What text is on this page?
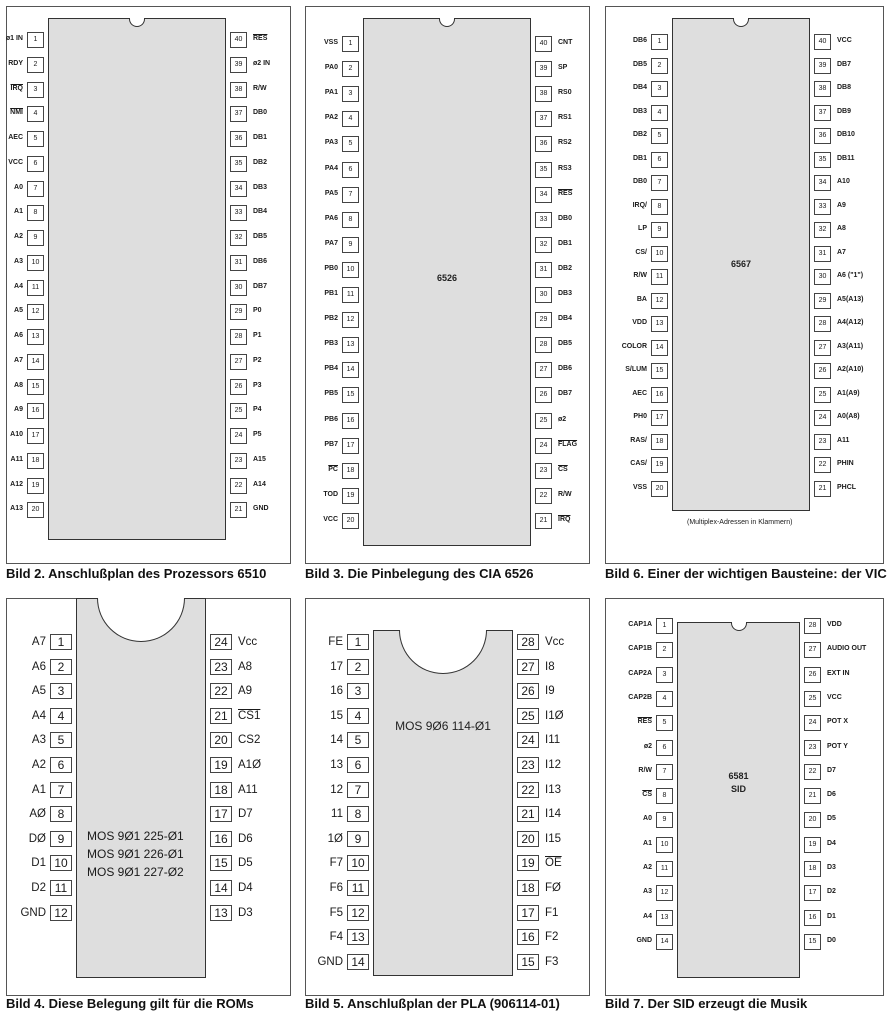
1
ø1 IN
2
RDY
3
$\overline{IRQ}$
4
$\overline{NMI}$
5
AEC
6
VCC
7
A0
8
A1
9
A2
10
A3
11
A4
12
A5
13
A6
14
A7
15
A8
16
A9
17
A10
18
A11
19
A12
20
A13
40	$\overline{RES}$
39	ø2 IN
38	R/W
37	DB0
36	DB1
35	DB2
34	DB3
33	DB4
32	DB5
31	DB6
30	DB7
29	P0
28	P1
27	P2
26	P3
25	P4
24	P5
23	A15
22	A14
21	GND
Bild 2. Anschlußplan des Prozessors 6510
6526
1
VSS
2
PA0
3
PA1
4
PA2
5
PA3
6
PA4
7
PA5
8
PA6
9
PA7
10
PB0
11
PB1
12
PB2
13
PB3
14
PB4
15
PB5
16
PB6
17
PB7
18
$\overline{PC}$
19
TOD
20
VCC
40	CNT
39	SP
38	RS0
37	RS1
36	RS2
35	RS3
34	$\overline{RES}$
33	DB0
32	DB1
31	DB2
30	DB3
29	DB4
28	DB5
27	DB6
26	DB7
25	ø2
24	FLAG
23	$\overline{CS}$
22	R/W
21	$\overline{IRQ}$
Bild 3. Die Pinbelegung des CIA 6526
6567
1
DB6
2
DB5
3
DB4
4
DB3
5
DB2
6
DB1
7
DB0
8
IRQ/
9
LP
10
CS/
11
R/W
12
BA
13
VDD
14
COLOR
15
S/LUM
16
AEC
17
PH0
18
RAS/
19
CAS/
20
VSS
40	VCC
39	DB7
38	DB8
37	DB9
36	DB10
35	DB11
34	A10
33	A9
32	A8
31	A7
30	A6 ("1")
29	A5(A13)
28	A4(A12)
27	A3(A11)
26	A2(A10)
25	A1(A9)
24	A0(A8)
23	A11
22	PHIN
21	PHCL
(Multiplex-Adressen in Klammern)
Bild 6. Einer der wichtigen Bausteine: der VIC
MOS 9Ø1 225-Ø1
MOS 9Ø1 226-Ø1
MOS 9Ø1 227-Ø2
1
A7
2
A6
3
A5
4
A4
5
A3
6
A2
7
A1
8
AØ
9
DØ
10
D1
11
D2
12
GND
24 Vcc
23 A8
22 A9
21 CS1
20 CS2
19 A1Ø
18 A11
17 D7
16 D6
15 D5
14 D4
13 D3
Bild 4. Diese Belegung gilt für die ROMs
MOS 9Ø6 114-Ø1
1
FE
2
17
3
16
4
15
5
14
6
13
7
12
8
11
9
1Ø
10
F7
11
F6
12
F5
13
F4
14
GND
28 Vcc
27 I8
26 I9
25 I1Ø
24 I11
23 I12
22 I13
21 I14
20 I15
19 $\overline{OE}$
18 FØ
17 F1
16 F2
15 F3
Bild 5. Anschlußplan der PLA (906114-01)
6581
SID
1
CAP1A
2
CAP1B
3
CAP2A
4
CAP2B
5
$\overline{RES}$
6
ø2
7
R/W
8
$\overline{CS}$
9
A0
10
A1
11
A2
12
A3
13
A4
14
GND
28	VDD
27	AUDIO OUT
26	EXT IN
25	VCC
24	POT X
23	POT Y
22	D7
21	D6
20	D5
19	D4
18	D3
17	D2
16	D1
15	D0
Bild 7. Der SID erzeugt die Musik
